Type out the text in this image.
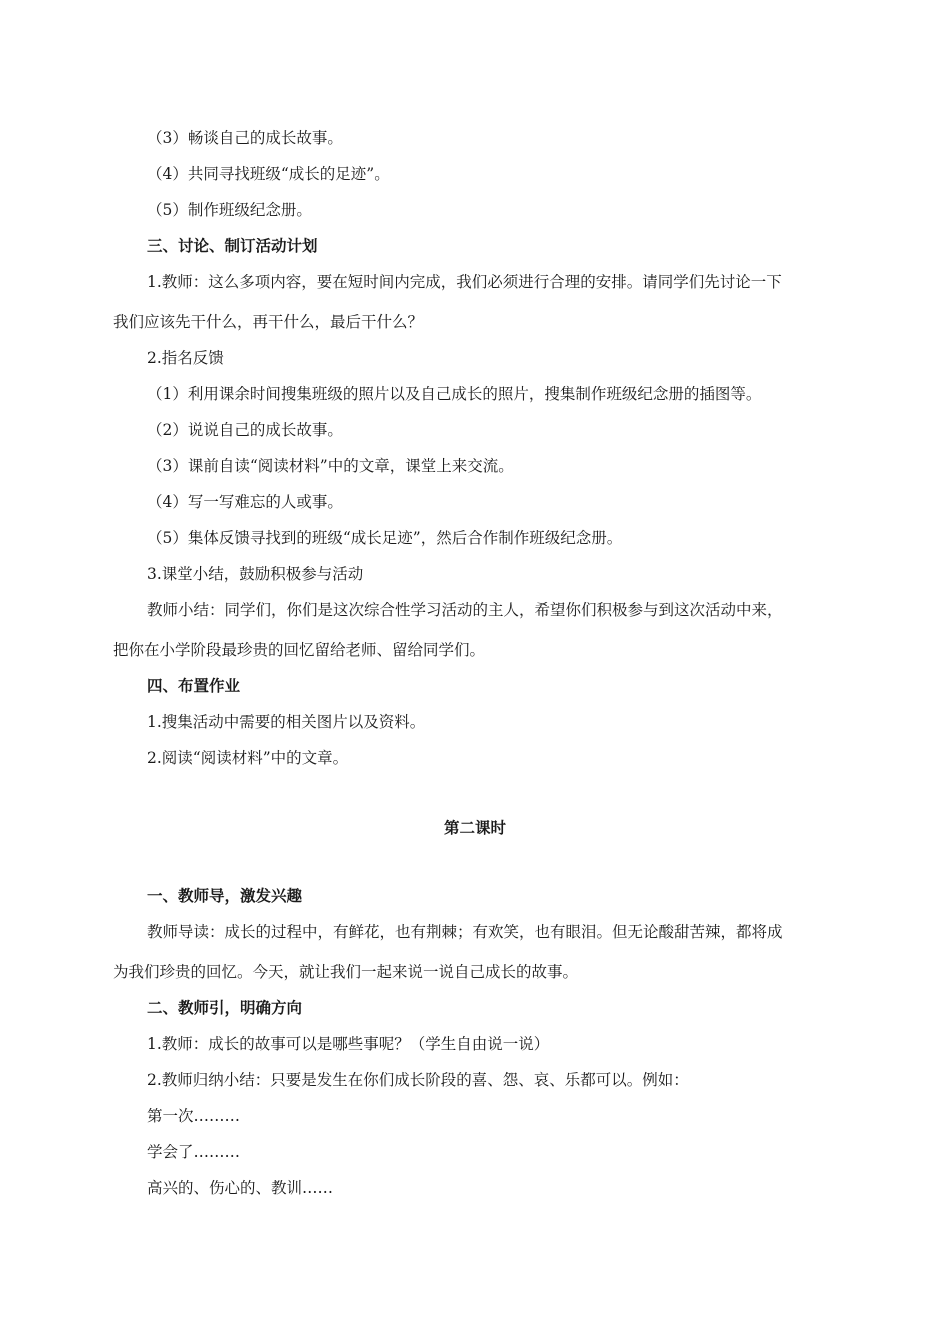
（3）畅谈自己的成长故事。
（4）共同寻找班级“成长的足迹”。
（5）制作班级纪念册。
三、讨论、制订活动计划
1.教师：这么多项内容，要在短时间内完成，我们必须进行合理的安排。请同学们先讨论一下
我们应该先干什么，再干什么，最后干什么？
2.指名反馈
（1）利用课余时间搜集班级的照片以及自己成长的照片，搜集制作班级纪念册的插图等。
（2）说说自己的成长故事。
（3）课前自读“阅读材料”中的文章，课堂上来交流。
（4）写一写难忘的人或事。
（5）集体反馈寻找到的班级“成长足迹”，然后合作制作班级纪念册。
3.课堂小结，鼓励积极参与活动
教师小结：同学们，你们是这次综合性学习活动的主人，希望你们积极参与到这次活动中来，
把你在小学阶段最珍贵的回忆留给老师、留给同学们。
四、布置作业
1.搜集活动中需要的相关图片以及资料。
2.阅读“阅读材料”中的文章。
第二课时
一、教师导，激发兴趣
教师导读：成长的过程中，有鲜花，也有荆棘；有欢笑，也有眼泪。但无论酸甜苦辣，都将成
为我们珍贵的回忆。今天，就让我们一起来说一说自己成长的故事。
二、教师引，明确方向
1.教师：成长的故事可以是哪些事呢？（学生自由说一说）
2.教师归纳小结：只要是发生在你们成长阶段的喜、怨、哀、乐都可以。例如：
第一次………
学会了………
高兴的、伤心的、教训……
